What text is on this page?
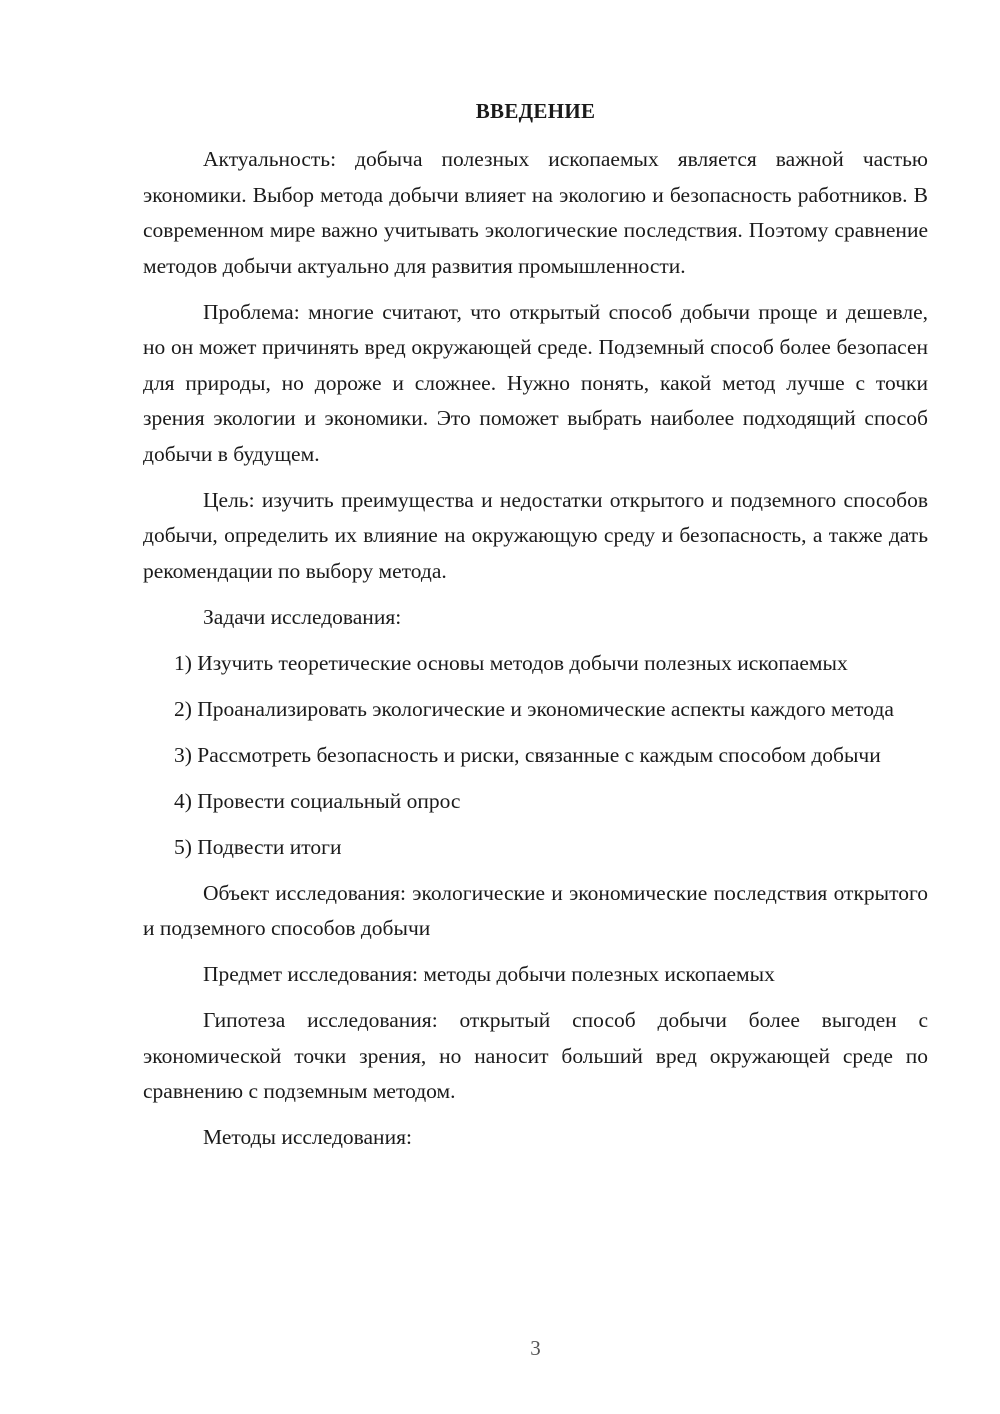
ВВЕДЕНИЕ

Актуальность: добыча полезных ископаемых является важной частью экономики. Выбор метода добычи влияет на экологию и безопасность работников. В современном мире важно учитывать экологические последствия. Поэтому сравнение методов добычи актуально для развития промышленности.

Проблема: многие считают, что открытый способ добычи проще и дешевле, но он может причинять вред окружающей среде. Подземный способ более безопасен для природы, но дороже и сложнее. Нужно понять, какой метод лучше с точки зрения экологии и экономики. Это поможет выбрать наиболее подходящий способ добычи в будущем.

Цель: изучить преимущества и недостатки открытого и подземного способов добычи, определить их влияние на окружающую среду и безопасность, а также дать рекомендации по выбору метода.

Задачи исследования:

1) Изучить теоретические основы методов добычи полезных ископаемых

2) Проанализировать экологические и экономические аспекты каждого метода

3) Рассмотреть безопасность и риски, связанные с каждым способом добычи

4) Провести социальный опрос

5) Подвести итоги

Объект исследования: экологические и экономические последствия открытого и подземного способов добычи

Предмет исследования: методы добычи полезных ископаемых

Гипотеза исследования: открытый способ добычи более выгоден с экономической точки зрения, но наносит больший вред окружающей среде по сравнению с подземным методом.

Методы исследования:

3
